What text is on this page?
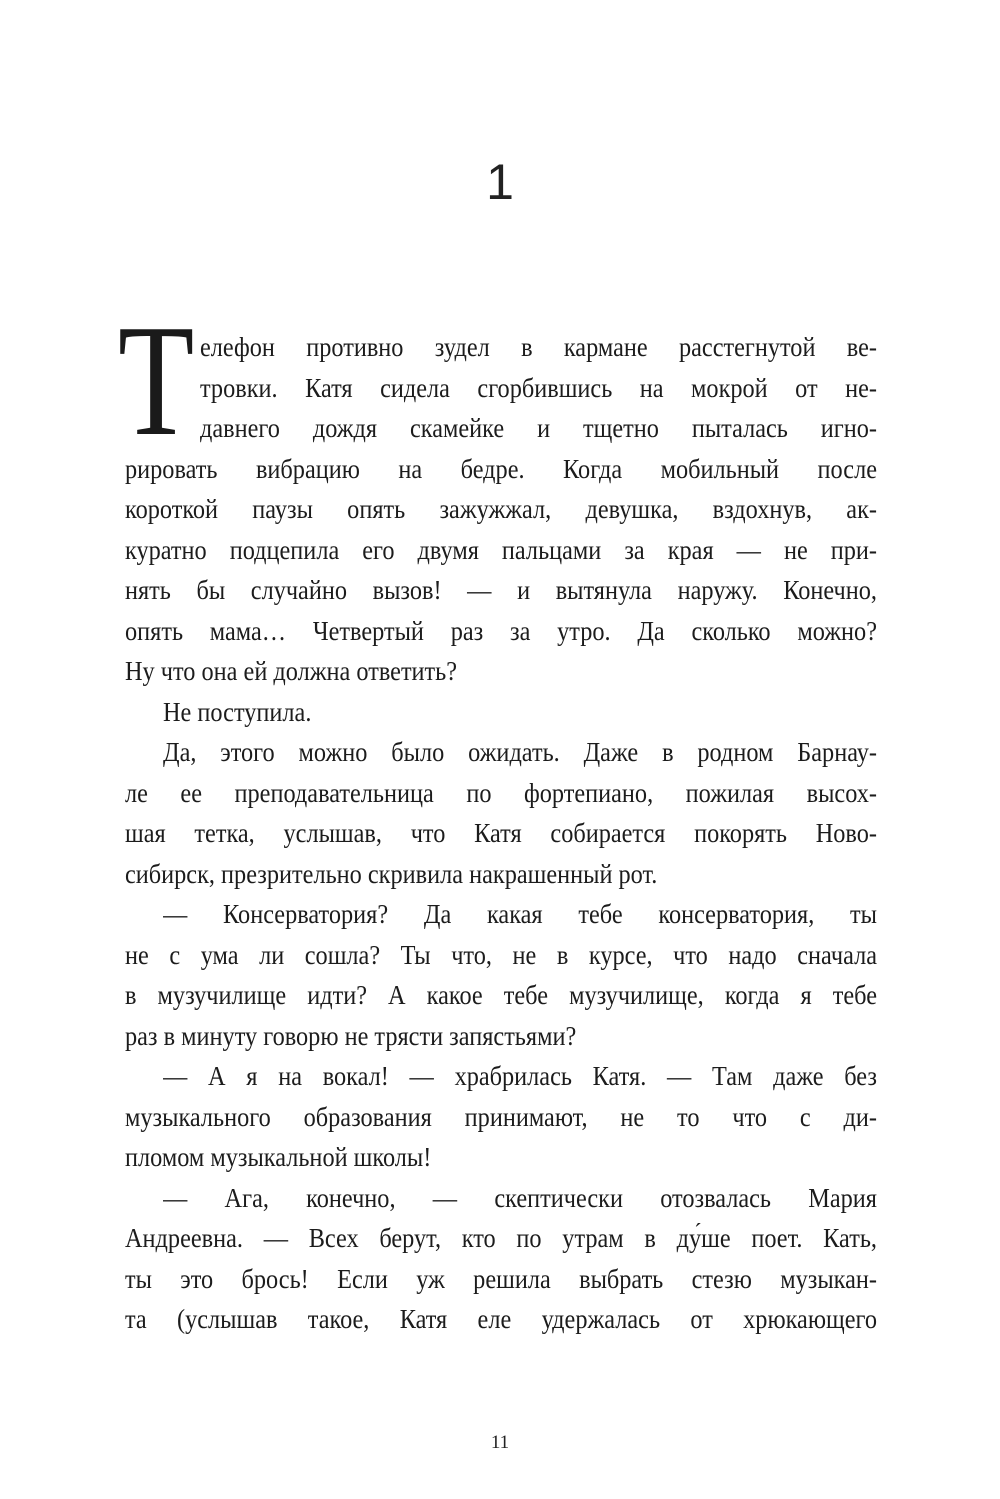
1
Т елефон противно зудел в кармане расстегнутой ве-
тровки. Катя сидела сгорбившись на мокрой от не-
давнего дождя скамейке и тщетно пыталась игно-
рировать вибрацию на бедре. Когда мобильный после
короткой паузы опять зажужжал, девушка, вздохнув, ак-
куратно подцепила его двумя пальцами за края — не при-
нять бы случайно вызов! — и вытянула наружу. Конечно,
опять мама… Четвертый раз за утро. Да сколько можно?
Ну что она ей должна ответить?
Не поступила.
Да, этого можно было ожидать. Даже в родном Барнау-
ле ее преподавательница по фортепиано, пожилая высох-
шая тетка, услышав, что Катя собирается покорять Ново-
сибирск, презрительно скривила накрашенный рот.
— Консерватория? Да какая тебе консерватория, ты
не с ума ли сошла? Ты что, не в курсе, что надо сначала
в музучилище идти? А какое тебе музучилище, когда я тебе
раз в минуту говорю не трясти запястьями?
— А я на вокал! — храбрилась Катя. — Там даже без
музыкального образования принимают, не то что с ди-
пломом музыкальной школы!
— Ага, конечно, — скептически отозвалась Мария
Андреевна. — Всех берут, кто по утрам в ду́ше поет. Кать,
ты это брось! Если уж решила выбрать стезю музыкан-
та (услышав такое, Катя еле удержалась от хрюкающего
11
